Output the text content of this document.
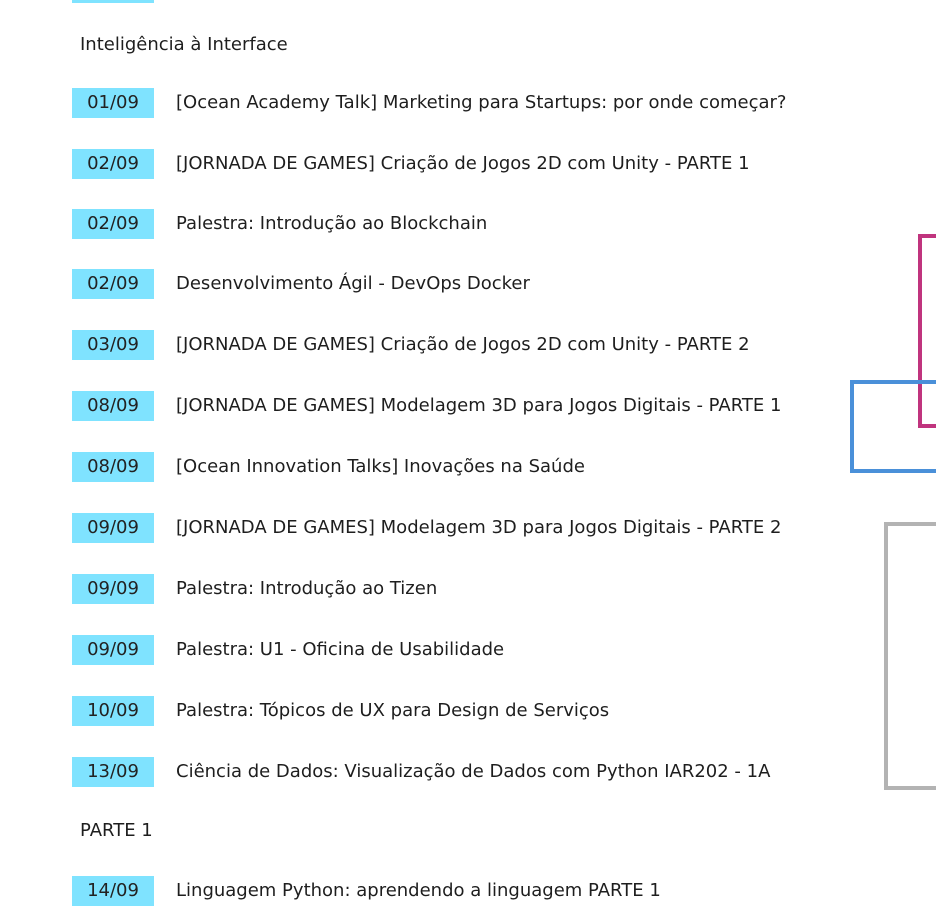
Inteligência à Interface
01/09	[Ocean Academy Talk] Marketing para Startups: por onde começar?
02/09	[JORNADA DE GAMES] Criação de Jogos 2D com Unity - PARTE 1
02/09	Palestra: Introdução ao Blockchain
02/09	Desenvolvimento Ágil - DevOps Docker
03/09	[JORNADA DE GAMES] Criação de Jogos 2D com Unity - PARTE 2
08/09	[JORNADA DE GAMES] Modelagem 3D para Jogos Digitais - PARTE 1
08/09	[Ocean Innovation Talks] Inovações na Saúde
09/09	[JORNADA DE GAMES] Modelagem 3D para Jogos Digitais - PARTE 2
09/09	Palestra: Introdução ao Tizen
09/09	Palestra: U1 - Oficina de Usabilidade
10/09	Palestra: Tópicos de UX para Design de Serviços
13/09	Ciência de Dados: Visualização de Dados com Python IAR202 - 1A
14/09	Linguagem Python: aprendendo a linguagem PARTE 1
PARTE 1
